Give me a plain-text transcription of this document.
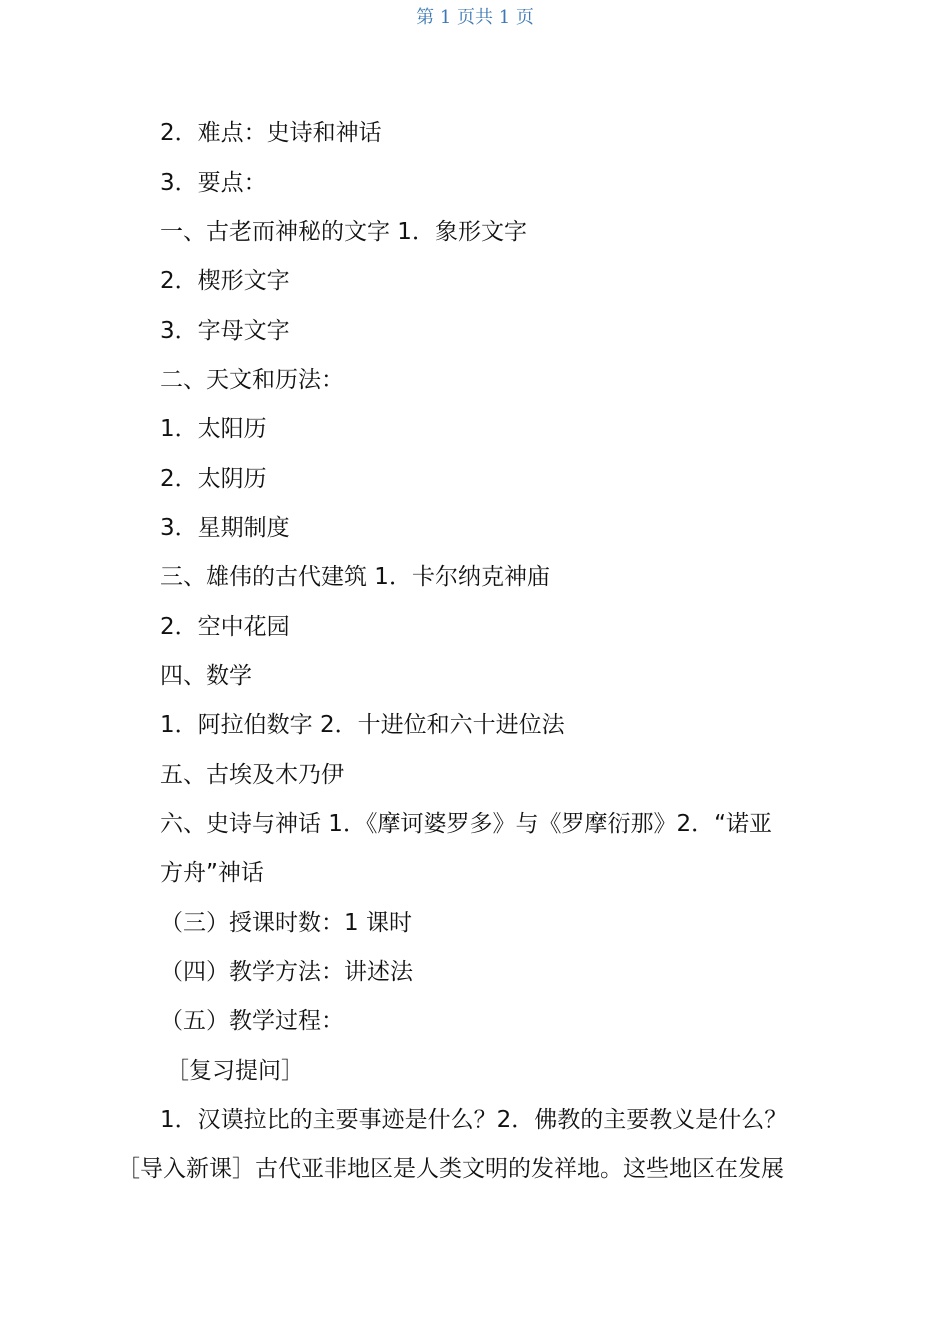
第 1 页共 1 页
2．难点：史诗和神话
3．要点：
一、古老而神秘的文字 1．象形文字
2．楔形文字
3．字母文字
二、天文和历法：
1．太阳历
2．太阴历
3．星期制度
三、雄伟的古代建筑 1．卡尔纳克神庙
2．空中花园
四、数学
1．阿拉伯数字 2．十进位和六十进位法
五、古埃及木乃伊
六、史诗与神话 1．《摩诃婆罗多》与《罗摩衍那》2．“诺亚
方舟”神话
（三）授课时数：1 课时
（四）教学方法：讲述法
（五）教学过程：
［复习提问］
1．汉谟拉比的主要事迹是什么？2．佛教的主要教义是什么？
［导入新课］古代亚非地区是人类文明的发祥地。这些地区在发展
